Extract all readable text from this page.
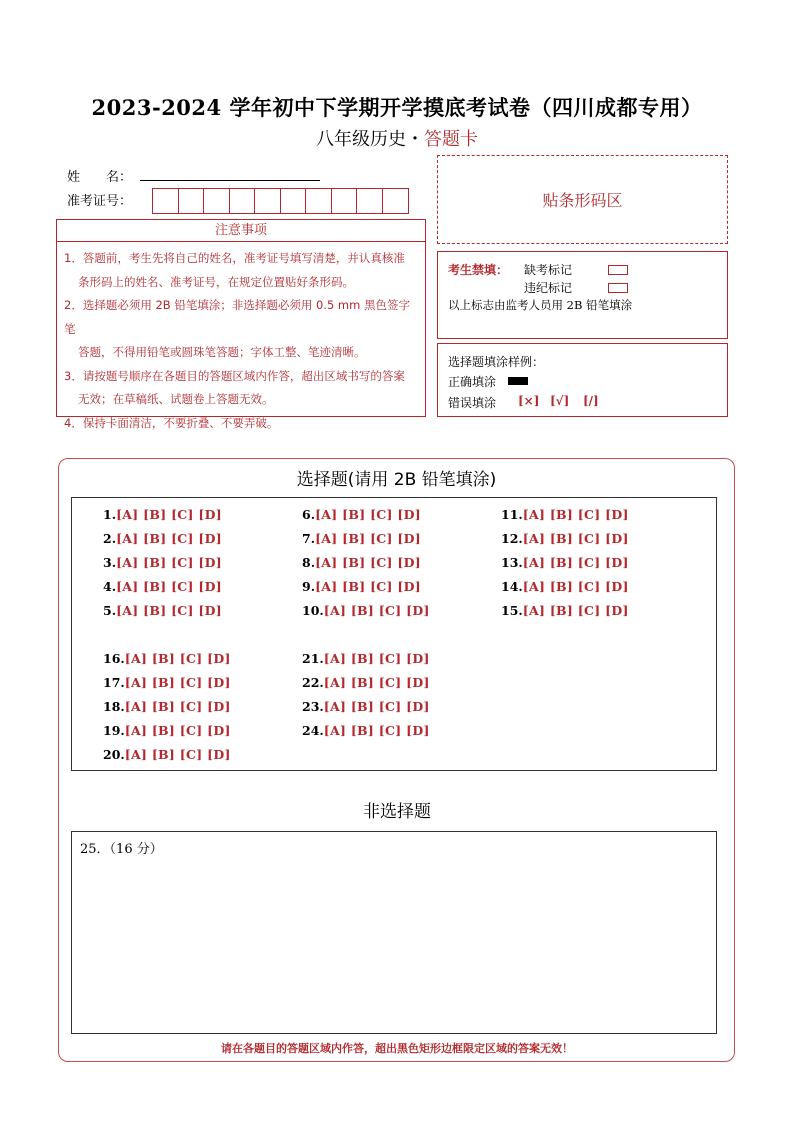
2023-2024 学年初中下学期开学摸底考试卷（四川成都专用）
八年级历史・答题卡
姓　　名：
准考证号：	贴条形码区
注意事项
1．答题前，考生先将自己的姓名，准考证号填写清楚，并认真核准
条形码上的姓名、准考证号，在规定位置贴好条形码。
2．选择题必须用 2B 铅笔填涂；非选择题必须用 0.5 mm 黑色签字笔
答题，不得用铅笔或圆珠笔答题；字体工整、笔迹清晰。
3．请按题号顺序在各题目的答题区域内作答，超出区域书写的答案
无效；在草稿纸、试题卷上答题无效。
4．保持卡面清洁，不要折叠、不要弄破。
考生禁填： 缺考标记
违纪标记
以上标志由监考人员用 2B 铅笔填涂
选择题填涂样例：
正确填涂
错误填涂 [×] [√] [/]
选择题(请用 2B 铅笔填涂)
1.[A] [B] [C] [D]
2.[A] [B] [C] [D]
3.[A] [B] [C] [D]
4.[A] [B] [C] [D]
5.[A] [B] [C] [D]
6.[A] [B] [C] [D]
7.[A] [B] [C] [D]
8.[A] [B] [C] [D]
9.[A] [B] [C] [D]
10.[A] [B] [C] [D]
11.[A] [B] [C] [D]
12.[A] [B] [C] [D]
13.[A] [B] [C] [D]
14.[A] [B] [C] [D]
15.[A] [B] [C] [D]
16.[A] [B] [C] [D]
17.[A] [B] [C] [D]
18.[A] [B] [C] [D]
19.[A] [B] [C] [D]
20.[A] [B] [C] [D]
21.[A] [B] [C] [D]
22.[A] [B] [C] [D]
23.[A] [B] [C] [D]
24.[A] [B] [C] [D]
非选择题
25．（16 分）
请在各题目的答题区域内作答，超出黑色矩形边框限定区域的答案无效！
